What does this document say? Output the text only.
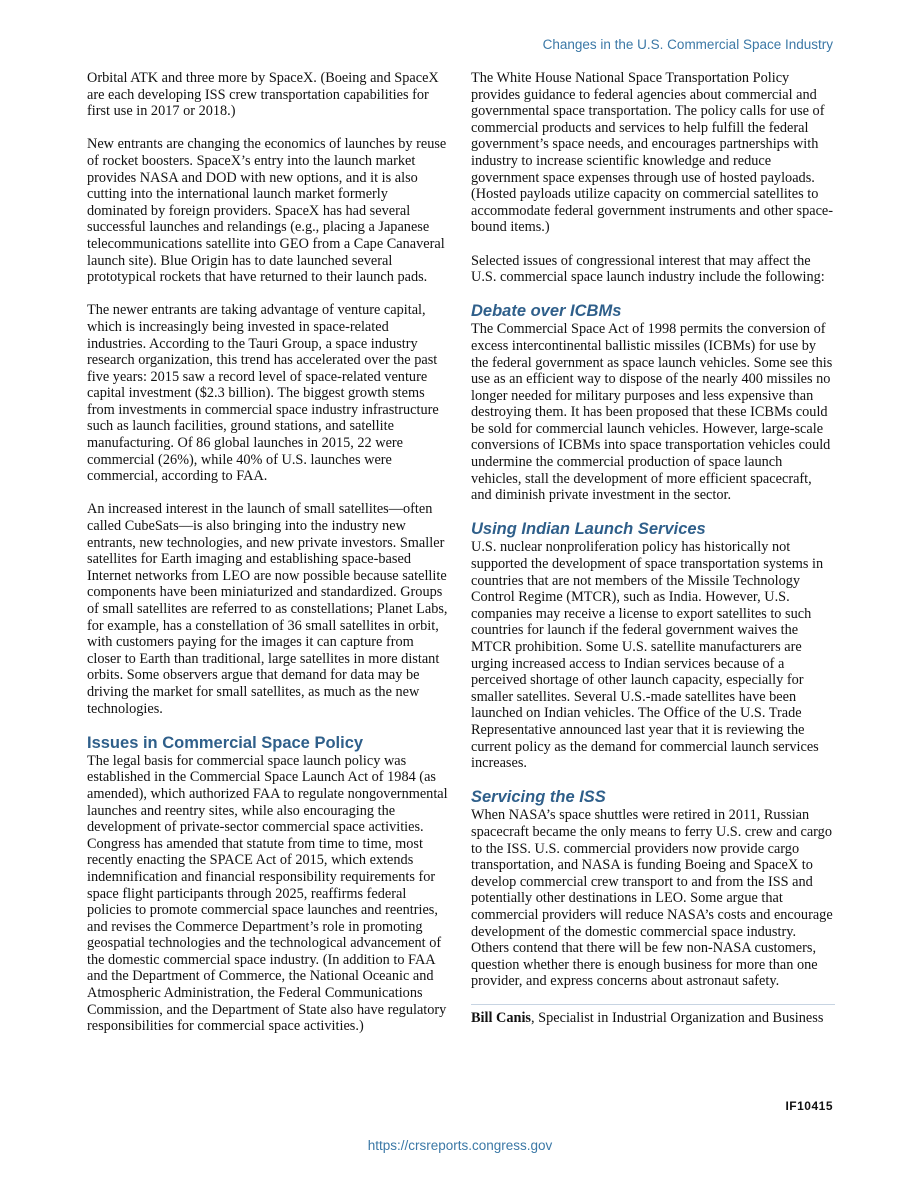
Changes in the U.S. Commercial Space Industry

Orbital ATK and three more by SpaceX. (Boeing and SpaceX are each developing ISS crew transportation capabilities for first use in 2017 or 2018.)

New entrants are changing the economics of launches by reuse of rocket boosters. SpaceX’s entry into the launch market provides NASA and DOD with new options, and it is also cutting into the international launch market formerly dominated by foreign providers. SpaceX has had several successful launches and relandings (e.g., placing a Japanese telecommunications satellite into GEO from a Cape Canaveral launch site). Blue Origin has to date launched several prototypical rockets that have returned to their launch pads.

The newer entrants are taking advantage of venture capital, which is increasingly being invested in space-related industries. According to the Tauri Group, a space industry research organization, this trend has accelerated over the past five years: 2015 saw a record level of space-related venture capital investment ($2.3 billion). The biggest growth stems from investments in commercial space industry infrastructure such as launch facilities, ground stations, and satellite manufacturing. Of 86 global launches in 2015, 22 were commercial (26%), while 40% of U.S. launches were commercial, according to FAA.

An increased interest in the launch of small satellites—often called CubeSats—is also bringing into the industry new entrants, new technologies, and new private investors. Smaller satellites for Earth imaging and establishing space-based Internet networks from LEO are now possible because satellite components have been miniaturized and standardized. Groups of small satellites are referred to as constellations; Planet Labs, for example, has a constellation of 36 small satellites in orbit, with customers paying for the images it can capture from closer to Earth than traditional, large satellites in more distant orbits. Some observers argue that demand for data may be driving the market for small satellites, as much as the new technologies.

Issues in Commercial Space Policy

The legal basis for commercial space launch policy was established in the Commercial Space Launch Act of 1984 (as amended), which authorized FAA to regulate nongovernmental launches and reentry sites, while also encouraging the development of private-sector commercial space activities. Congress has amended that statute from time to time, most recently enacting the SPACE Act of 2015, which extends indemnification and financial responsibility requirements for space flight participants through 2025, reaffirms federal policies to promote commercial space launches and reentries, and revises the Commerce Department’s role in promoting geospatial technologies and the technological advancement of the domestic commercial space industry. (In addition to FAA and the Department of Commerce, the National Oceanic and Atmospheric Administration, the Federal Communications Commission, and the Department of State also have regulatory responsibilities for commercial space activities.)

The White House National Space Transportation Policy provides guidance to federal agencies about commercial and governmental space transportation. The policy calls for use of commercial products and services to help fulfill the federal government’s space needs, and encourages partnerships with industry to increase scientific knowledge and reduce government space expenses through use of hosted payloads. (Hosted payloads utilize capacity on commercial satellites to accommodate federal government instruments and other space-bound items.)

Selected issues of congressional interest that may affect the U.S. commercial space launch industry include the following:

Debate over ICBMs

The Commercial Space Act of 1998 permits the conversion of excess intercontinental ballistic missiles (ICBMs) for use by the federal government as space launch vehicles. Some see this use as an efficient way to dispose of the nearly 400 missiles no longer needed for military purposes and less expensive than destroying them. It has been proposed that these ICBMs could be sold for commercial launch vehicles. However, large-scale conversions of ICBMs into space transportation vehicles could undermine the commercial production of space launch vehicles, stall the development of more efficient spacecraft, and diminish private investment in the sector.

Using Indian Launch Services

U.S. nuclear nonproliferation policy has historically not supported the development of space transportation systems in countries that are not members of the Missile Technology Control Regime (MTCR), such as India. However, U.S. companies may receive a license to export satellites to such countries for launch if the federal government waives the MTCR prohibition. Some U.S. satellite manufacturers are urging increased access to Indian services because of a perceived shortage of other launch capacity, especially for smaller satellites. Several U.S.-made satellites have been launched on Indian vehicles. The Office of the U.S. Trade Representative announced last year that it is reviewing the current policy as the demand for commercial launch services increases.

Servicing the ISS

When NASA’s space shuttles were retired in 2011, Russian spacecraft became the only means to ferry U.S. crew and cargo to the ISS. U.S. commercial providers now provide cargo transportation, and NASA is funding Boeing and SpaceX to develop commercial crew transport to and from the ISS and potentially other destinations in LEO. Some argue that commercial providers will reduce NASA’s costs and encourage development of the domestic commercial space industry. Others contend that there will be few non-NASA customers, question whether there is enough business for more than one provider, and express concerns about astronaut safety.

Bill Canis, Specialist in Industrial Organization and Business

IF10415
https://crsreports.congress.gov
